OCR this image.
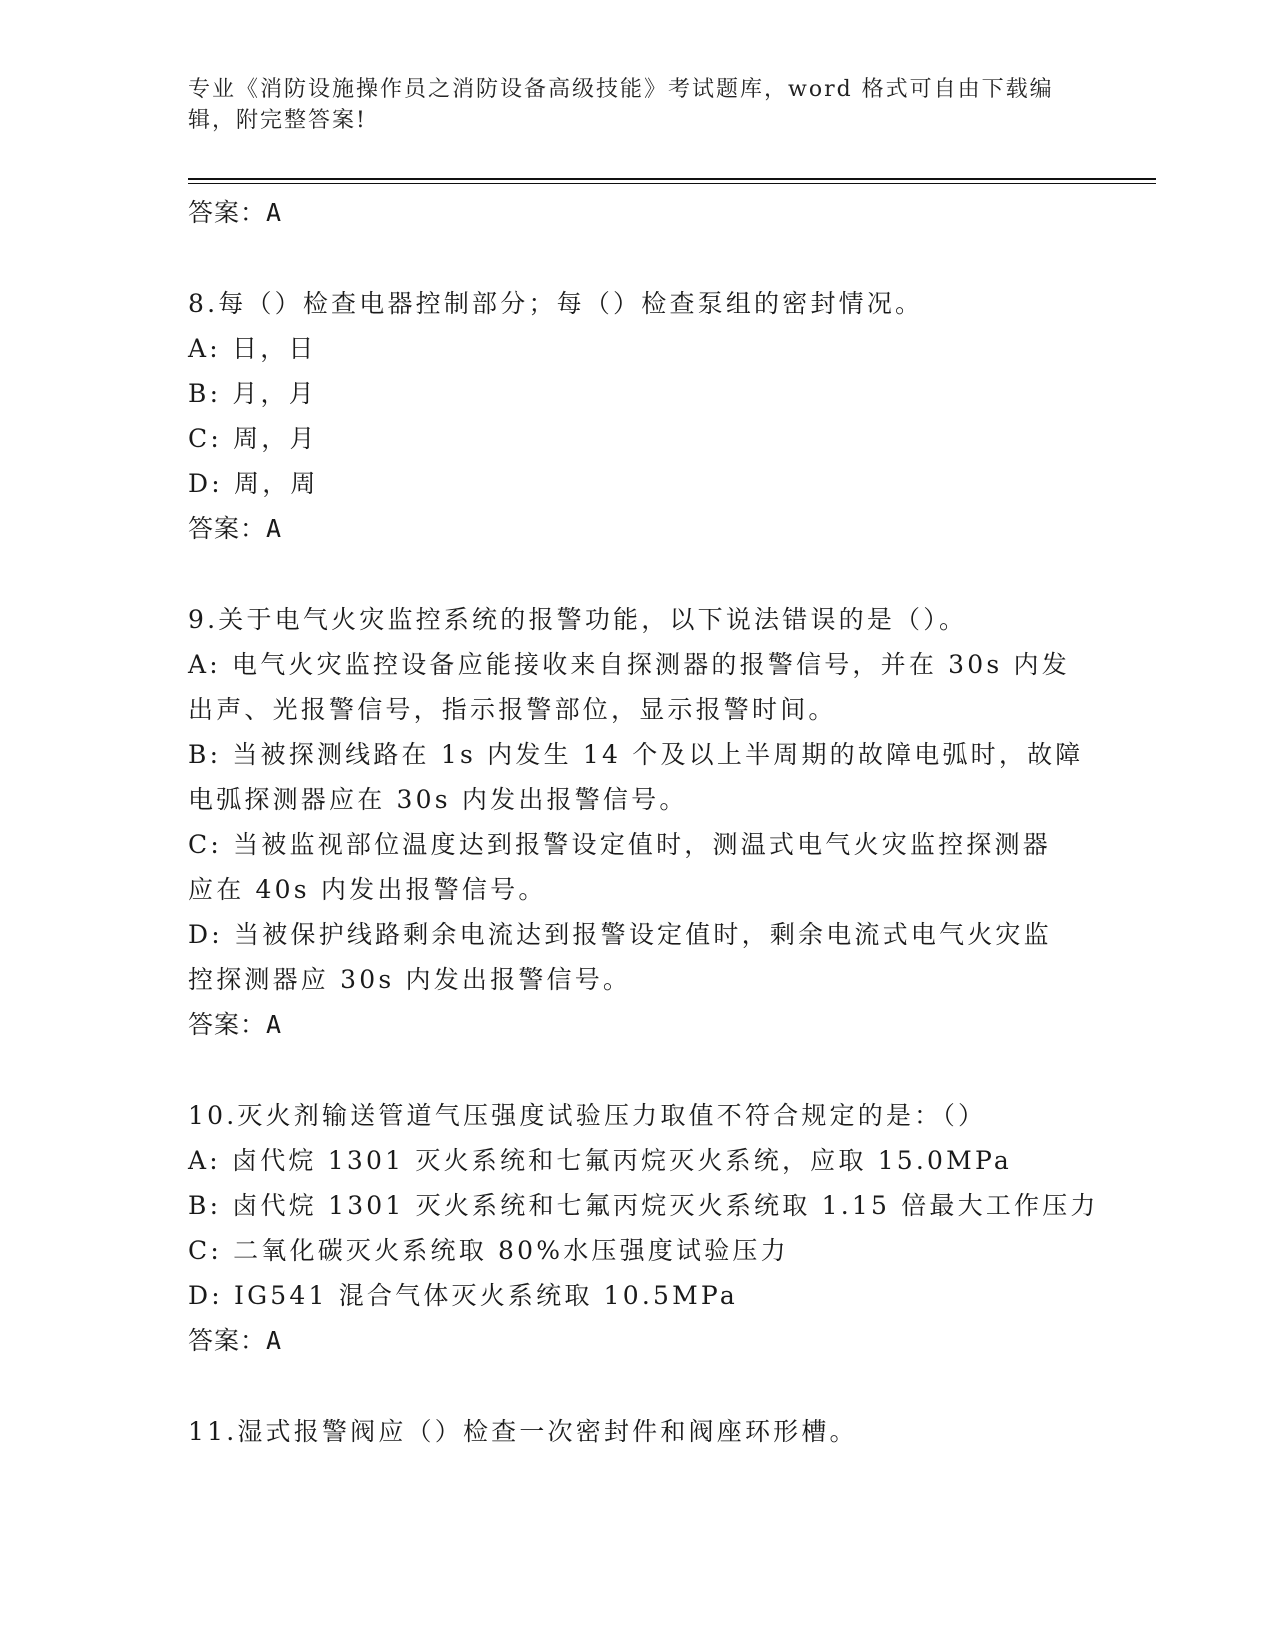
专业《消防设施操作员之消防设备高级技能》考试题库，word 格式可自由下载编
辑，附完整答案!
答案：A
8.每（）检查电器控制部分；每（）检查泵组的密封情况。
A: 日，日
B: 月，月
C: 周，月
D: 周，周
答案：A
9.关于电气火灾监控系统的报警功能，以下说法错误的是（）。
A: 电气火灾监控设备应能接收来自探测器的报警信号，并在 30s 内发
出声、光报警信号，指示报警部位，显示报警时间。
B: 当被探测线路在 1s 内发生 14 个及以上半周期的故障电弧时，故障
电弧探测器应在 30s 内发出报警信号。
C: 当被监视部位温度达到报警设定值时，测温式电气火灾监控探测器
应在 40s 内发出报警信号。
D: 当被保护线路剩余电流达到报警设定值时，剩余电流式电气火灾监
控探测器应 30s 内发出报警信号。
答案：A
10.灭火剂输送管道气压强度试验压力取值不符合规定的是：（）
A: 卤代烷 1301 灭火系统和七氟丙烷灭火系统，应取 15.0MPa
B: 卤代烷 1301 灭火系统和七氟丙烷灭火系统取 1.15 倍最大工作压力
C: 二氧化碳灭火系统取 80%水压强度试验压力
D: IG541 混合气体灭火系统取 10.5MPa
答案：A
11.湿式报警阀应（）检查一次密封件和阀座环形槽。
